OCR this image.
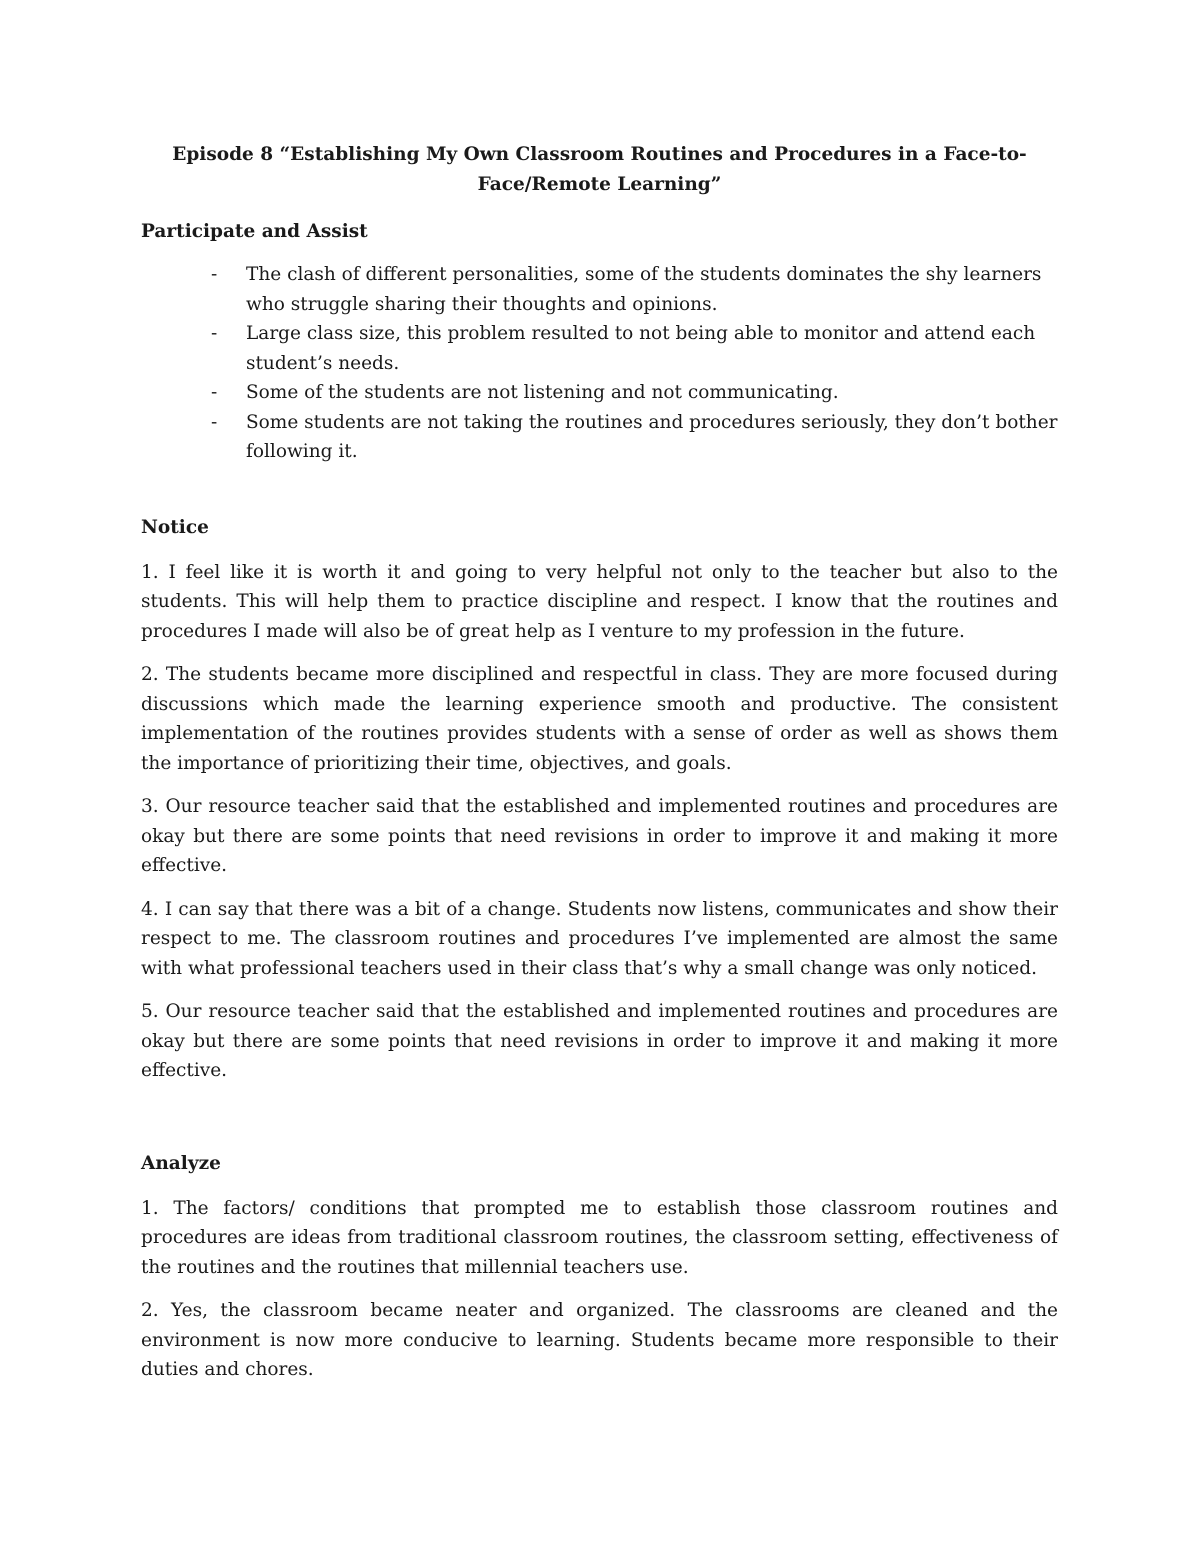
Episode 8 “Establishing My Own Classroom Routines and Procedures in a Face-to-
Face/Remote Learning”
Participate and Assist
- The clash of different personalities, some of the students dominates the shy learners who struggle sharing their thoughts and opinions.
- Large class size, this problem resulted to not being able to monitor and attend each student’s needs.
- Some of the students are not listening and not communicating.
- Some students are not taking the routines and procedures seriously, they don’t bother following it.
Notice

1. I feel like it is worth it and going to very helpful not only to the teacher but also to the students. This will help them to practice discipline and respect. I know that the routines and procedures I made will also be of great help as I venture to my profession in the future.

2. The students became more disciplined and respectful in class. They are more focused during discussions which made the learning experience smooth and productive. The consistent implementation of the routines provides students with a sense of order as well as shows them the importance of prioritizing their time, objectives, and goals.

3. Our resource teacher said that the established and implemented routines and procedures are okay but there are some points that need revisions in order to improve it and making it more effective.

4. I can say that there was a bit of a change. Students now listens, communicates and show their respect to me. The classroom routines and procedures I’ve implemented are almost the same with what professional teachers used in their class that’s why a small change was only noticed.

5. Our resource teacher said that the established and implemented routines and procedures are okay but there are some points that need revisions in order to improve it and making it more effective.

Analyze

1. The factors/ conditions that prompted me to establish those classroom routines and procedures are ideas from traditional classroom routines, the classroom setting, effectiveness of the routines and the routines that millennial teachers use.

2. Yes, the classroom became neater and organized. The classrooms are cleaned and the environment is now more conducive to learning. Students became more responsible to their duties and chores.
